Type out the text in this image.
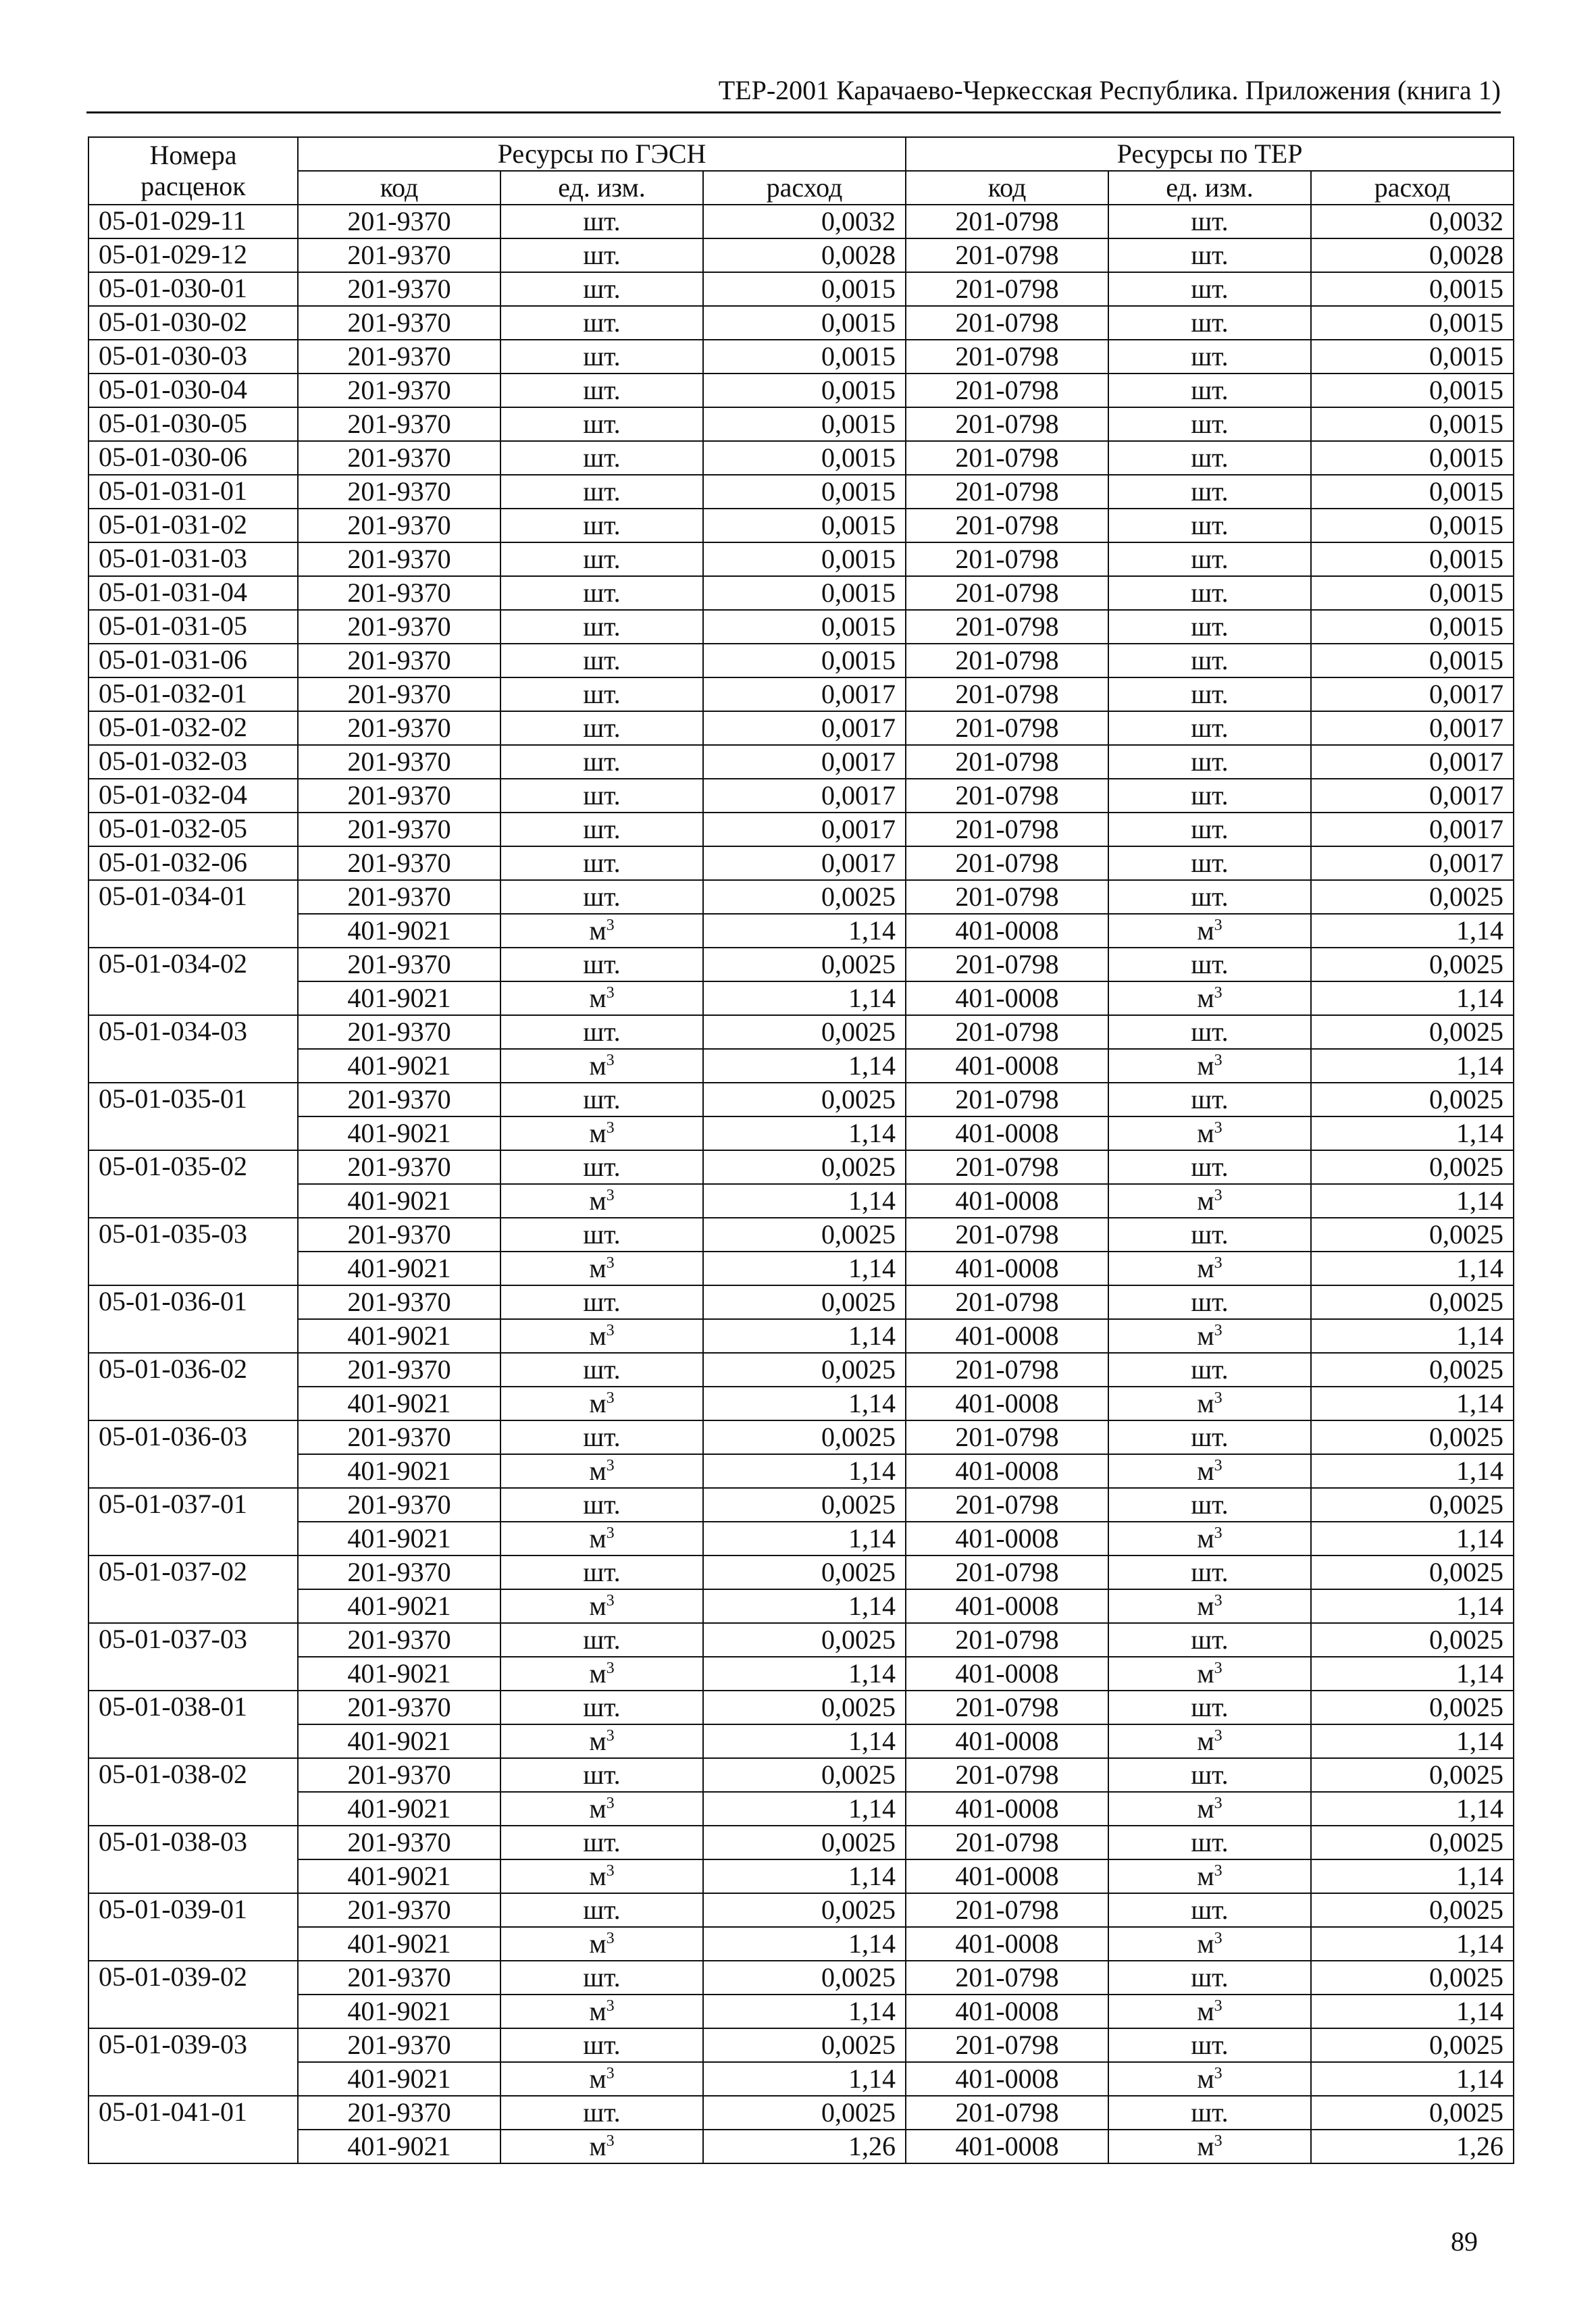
ТЕР-2001 Карачаево-Черкесская Республика. Приложения (книга 1)
Номера расценок	Ресурсы по ГЭСН			Ресурсы по ТЕР		
	код	ед. изм.	расход	код	ед. изм.	расход
05-01-029-11	201-9370	шт.	0,0032	201-0798	шт.	0,0032
05-01-029-12	201-9370	шт.	0,0028	201-0798	шт.	0,0028
05-01-030-01	201-9370	шт.	0,0015	201-0798	шт.	0,0015
05-01-030-02	201-9370	шт.	0,0015	201-0798	шт.	0,0015
05-01-030-03	201-9370	шт.	0,0015	201-0798	шт.	0,0015
05-01-030-04	201-9370	шт.	0,0015	201-0798	шт.	0,0015
05-01-030-05	201-9370	шт.	0,0015	201-0798	шт.	0,0015
05-01-030-06	201-9370	шт.	0,0015	201-0798	шт.	0,0015
05-01-031-01	201-9370	шт.	0,0015	201-0798	шт.	0,0015
05-01-031-02	201-9370	шт.	0,0015	201-0798	шт.	0,0015
05-01-031-03	201-9370	шт.	0,0015	201-0798	шт.	0,0015
05-01-031-04	201-9370	шт.	0,0015	201-0798	шт.	0,0015
05-01-031-05	201-9370	шт.	0,0015	201-0798	шт.	0,0015
05-01-031-06	201-9370	шт.	0,0015	201-0798	шт.	0,0015
05-01-032-01	201-9370	шт.	0,0017	201-0798	шт.	0,0017
05-01-032-02	201-9370	шт.	0,0017	201-0798	шт.	0,0017
05-01-032-03	201-9370	шт.	0,0017	201-0798	шт.	0,0017
05-01-032-04	201-9370	шт.	0,0017	201-0798	шт.	0,0017
05-01-032-05	201-9370	шт.	0,0017	201-0798	шт.	0,0017
05-01-032-06	201-9370	шт.	0,0017	201-0798	шт.	0,0017
05-01-034-01	201-9370	шт.	0,0025	201-0798	шт.	0,0025
	401-9021	$м^3$	1,14	401-0008	$м^3$	1,14
05-01-034-02	201-9370	шт.	0,0025	201-0798	шт.	0,0025
	401-9021	$м^3$	1,14	401-0008	$м^3$	1,14
05-01-034-03	201-9370	шт.	0,0025	201-0798	шт.	0,0025
	401-9021	$м^3$	1,14	401-0008	$м^3$	1,14
05-01-035-01	201-9370	шт.	0,0025	201-0798	шт.	0,0025
	401-9021	$м^3$	1,14	401-0008	$м^3$	1,14
05-01-035-02	201-9370	шт.	0,0025	201-0798	шт.	0,0025
	401-9021	$м^3$	1,14	401-0008	$м^3$	1,14
05-01-035-03	201-9370	шт.	0,0025	201-0798	шт.	0,0025
	401-9021	$м^3$	1,14	401-0008	$м^3$	1,14
05-01-036-01	201-9370	шт.	0,0025	201-0798	шт.	0,0025
	401-9021	$м^3$	1,14	401-0008	$м^3$	1,14
05-01-036-02	201-9370	шт.	0,0025	201-0798	шт.	0,0025
	401-9021	$м^3$	1,14	401-0008	$м^3$	1,14
05-01-036-03	201-9370	шт.	0,0025	201-0798	шт.	0,0025
	401-9021	$м^3$	1,14	401-0008	$м^3$	1,14
05-01-037-01	201-9370	шт.	0,0025	201-0798	шт.	0,0025
	401-9021	$м^3$	1,14	401-0008	$м^3$	1,14
05-01-037-02	201-9370	шт.	0,0025	201-0798	шт.	0,0025
	401-9021	$м^3$	1,14	401-0008	$м^3$	1,14
05-01-037-03	201-9370	шт.	0,0025	201-0798	шт.	0,0025
	401-9021	$м^3$	1,14	401-0008	$м^3$	1,14
05-01-038-01	201-9370	шт.	0,0025	201-0798	шт.	0,0025
	401-9021	$м^3$	1,14	401-0008	$м^3$	1,14
05-01-038-02	201-9370	шт.	0,0025	201-0798	шт.	0,0025
	401-9021	$м^3$	1,14	401-0008	$м^3$	1,14
05-01-038-03	201-9370	шт.	0,0025	201-0798	шт.	0,0025
	401-9021	$м^3$	1,14	401-0008	$м^3$	1,14
05-01-039-01	201-9370	шт.	0,0025	201-0798	шт.	0,0025
	401-9021	$м^3$	1,14	401-0008	$м^3$	1,14
05-01-039-02	201-9370	шт.	0,0025	201-0798	шт.	0,0025
	401-9021	$м^3$	1,14	401-0008	$м^3$	1,14
05-01-039-03	201-9370	шт.	0,0025	201-0798	шт.	0,0025
	401-9021	$м^3$	1,14	401-0008	$м^3$	1,14
05-01-041-01	201-9370	шт.	0,0025	201-0798	шт.	0,0025
	401-9021	$м^3$	1,26	401-0008	$м^3$	1,26
89
